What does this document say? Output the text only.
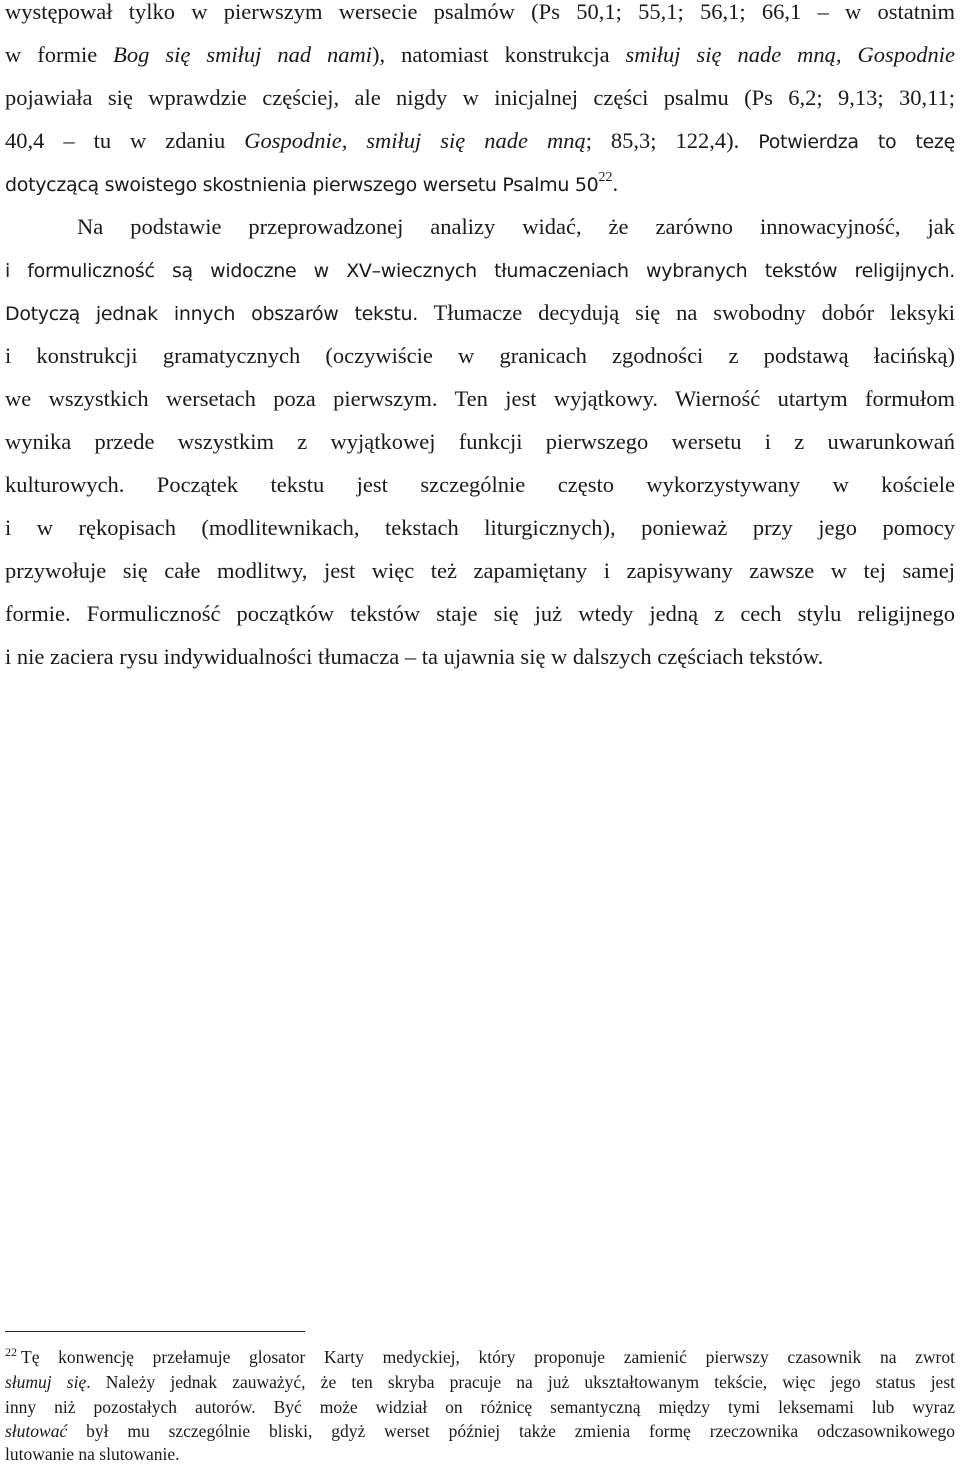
występował tylko w pierwszym wersecie psalmów (Ps 50,1; 55,1; 56,1; 66,1 – w ostatnim
w formie Bog się smiłuj nad nami), natomiast konstrukcja smiłuj się nade mną, Gospodnie
pojawiała się wprawdzie częściej, ale nigdy w inicjalnej części psalmu (Ps 6,2; 9,13; 30,11;
40,4 – tu w zdaniu Gospodnie, smiłuj się nade mną; 85,3; 122,4). Potwierdza to tezę
dotyczącą swoistego skostnienia pierwszego wersetu Psalmu $50^{22}$.
Na podstawie przeprowadzonej analizy widać, że zarówno innowacyjność, jak
i formuliczność są widoczne w XV–wiecznych tłumaczeniach wybranych tekstów religijnych.
Dotyczą jednak innych obszarów tekstu. Tłumacze decydują się na swobodny dobór leksyki
i konstrukcji gramatycznych (oczywiście w granicach zgodności z podstawą łacińską)
we wszystkich wersetach poza pierwszym. Ten jest wyjątkowy. Wierność utartym formułom
wynika przede wszystkim z wyjątkowej funkcji pierwszego wersetu i z uwarunkowań
kulturowych. Początek tekstu jest szczególnie często wykorzystywany w kościele
i w rękopisach (modlitewnikach, tekstach liturgicznych), ponieważ przy jego pomocy
przywołuje się całe modlitwy, jest więc też zapamiętany i zapisywany zawsze w tej samej
formie. Formuliczność początków tekstów staje się już wtedy jedną z cech stylu religijnego
i nie zaciera rysu indywidualności tłumacza – ta ujawnia się w dalszych częściach tekstów.
$^{22}$ Tę konwencję przełamuje glosator Karty medyckiej, który proponuje zamienić pierwszy czasownik na zwrot
słuтuj się. Należy jednak zauważyć, że ten skryba pracuje na już ukształtowanym tekście, więc jego status jest
inny niż pozostałych autorów. Być może widział on różnicę semantyczną między tymi leksemami lub wyraz
słutować był mu szczególnie bliski, gdyż werset później także zmienia formę rzeczownika odczasownikowego
lutowanie na slutowanie.
